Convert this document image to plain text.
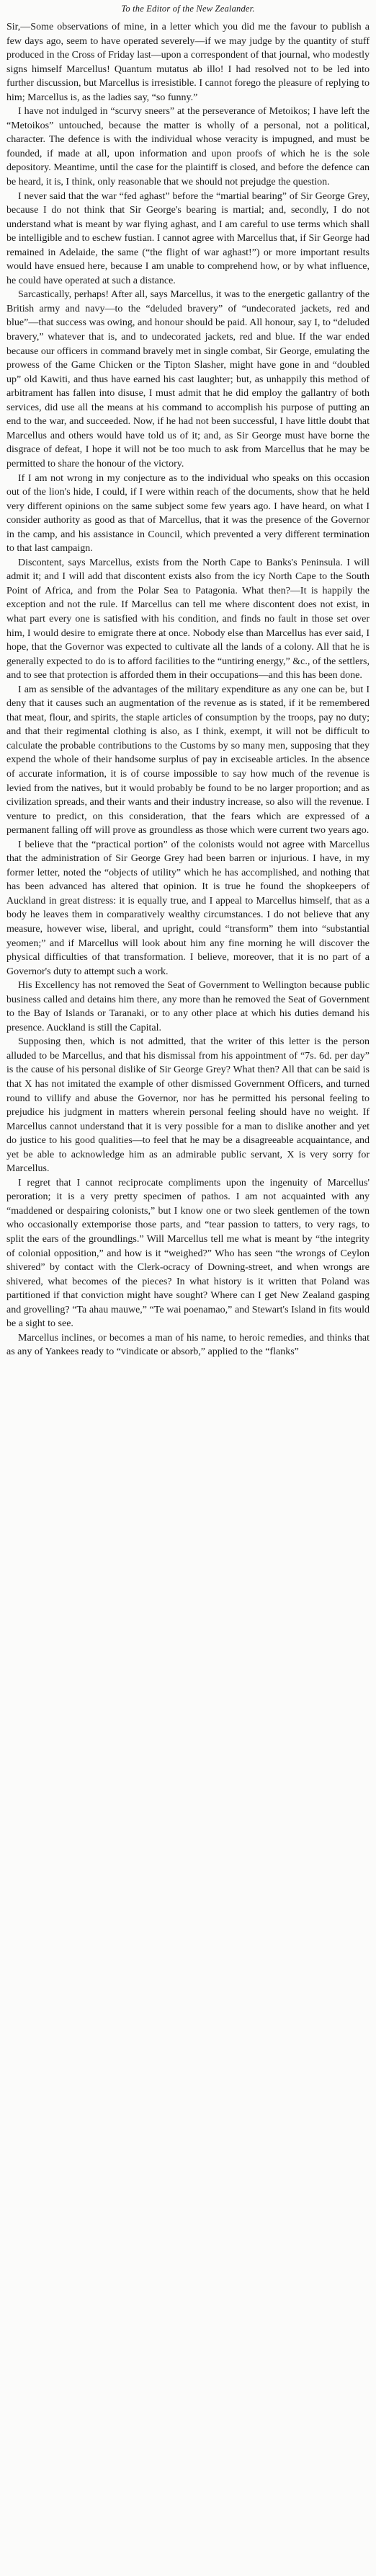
To the Editor of the New Zealander.

Sir,—Some observations of mine, in a letter which you did me the favour to publish a few days ago, seem to have operated severely—if we may judge by the quantity of stuff produced in the Cross of Friday last—upon a correspondent of that journal, who modestly signs himself Marcellus! Quantum mutatus ab illo! I had resolved not to be led into further discussion, but Marcellus is irresistible. I cannot forego the pleasure of replying to him; Marcellus is, as the ladies say, “so funny.”

I have not indulged in “scurvy sneers” at the perseverance of Metoikos; I have left the “Metoikos” untouched, because the matter is wholly of a personal, not a political, character. The defence is with the individual whose veracity is impugned, and must be founded, if made at all, upon information and upon proofs of which he is the sole depository. Meantime, until the case for the plaintiff is closed, and before the defence can be heard, it is, I think, only reasonable that we should not prejudge the question.

I never said that the war “fed aghast” before the “martial bearing” of Sir George Grey, because I do not think that Sir George's bearing is martial; and, secondly, I do not understand what is meant by war flying aghast, and I am careful to use terms which shall be intelligible and to eschew fustian. I cannot agree with Marcellus that, if Sir George had remained in Adelaide, the same (“the flight of war aghast!”) or more important results would have ensued here, because I am unable to comprehend how, or by what influence, he could have operated at such a distance.

Sarcastically, perhaps! After all, says Marcellus, it was to the energetic gallantry of the British army and navy—to the “deluded bravery” of “undecorated jackets, red and blue”—that success was owing, and honour should be paid. All honour, say I, to “deluded bravery,” whatever that is, and to undecorated jackets, red and blue. If the war ended because our officers in command bravely met in single combat, Sir George, emulating the prowess of the Game Chicken or the Tipton Slasher, might have gone in and “doubled up” old Kawiti, and thus have earned his cast laughter; but, as unhappily this method of arbitrament has fallen into disuse, I must admit that he did employ the gallantry of both services, did use all the means at his command to accomplish his purpose of putting an end to the war, and succeeded. Now, if he had not been successful, I have little doubt that Marcellus and others would have told us of it; and, as Sir George must have borne the disgrace of defeat, I hope it will not be too much to ask from Marcellus that he may be permitted to share the honour of the victory.

If I am not wrong in my conjecture as to the individual who speaks on this occasion out of the lion's hide, I could, if I were within reach of the documents, show that he held very different opinions on the same subject some few years ago. I have heard, on what I consider authority as good as that of Marcellus, that it was the presence of the Governor in the camp, and his assistance in Council, which prevented a very different termination to that last campaign.

Discontent, says Marcellus, exists from the North Cape to Banks's Peninsula. I will admit it; and I will add that discontent exists also from the icy North Cape to the South Point of Africa, and from the Polar Sea to Patagonia. What then?—It is happily the exception and not the rule. If Marcellus can tell me where discontent does not exist, in what part every one is satisfied with his condition, and finds no fault in those set over him, I would desire to emigrate there at once. Nobody else than Marcellus has ever said, I hope, that the Governor was expected to cultivate all the lands of a colony. All that he is generally expected to do is to afford facilities to the “untiring energy,” &c., of the settlers, and to see that protection is afforded them in their occupations—and this has been done.

I am as sensible of the advantages of the military expenditure as any one can be, but I deny that it causes such an augmentation of the revenue as is stated, if it be remembered that meat, flour, and spirits, the staple articles of consumption by the troops, pay no duty; and that their regimental clothing is also, as I think, exempt, it will not be difficult to calculate the probable contributions to the Customs by so many men, supposing that they expend the whole of their handsome surplus of pay in exciseable articles. In the absence of accurate information, it is of course impossible to say how much of the revenue is levied from the natives, but it would probably be found to be no larger proportion; and as civilization spreads, and their wants and their industry increase, so also will the revenue. I venture to predict, on this consideration, that the fears which are expressed of a permanent falling off will prove as groundless as those which were current two years ago.

I believe that the “practical portion” of the colonists would not agree with Marcellus that the administration of Sir George Grey had been barren or injurious. I have, in my former letter, noted the “objects of utility” which he has accomplished, and nothing that has been advanced has altered that opinion. It is true he found the shopkeepers of Auckland in great distress: it is equally true, and I appeal to Marcellus himself, that as a body he leaves them in comparatively wealthy circumstances. I do not believe that any measure, however wise, liberal, and upright, could “transform” them into “substantial yeomen;” and if Marcellus will look about him any fine morning he will discover the physical difficulties of that transformation. I believe, moreover, that it is no part of a Governor's duty to attempt such a work.

His Excellency has not removed the Seat of Government to Wellington because public business called and detains him there, any more than he removed the Seat of Government to the Bay of Islands or Taranaki, or to any other place at which his duties demand his presence. Auckland is still the Capital.

Supposing then, which is not admitted, that the writer of this letter is the person alluded to be Marcellus, and that his dismissal from his appointment of “7s. 6d. per day” is the cause of his personal dislike of Sir George Grey? What then? All that can be said is that X has not imitated the example of other dismissed Government Officers, and turned round to villify and abuse the Governor, nor has he permitted his personal feeling to prejudice his judgment in matters wherein personal feeling should have no weight. If Marcellus cannot understand that it is very possible for a man to dislike another and yet do justice to his good qualities—to feel that he may be a disagreeable acquaintance, and yet be able to acknowledge him as an admirable public servant, X is very sorry for Marcellus.

I regret that I cannot reciprocate compliments upon the ingenuity of Marcellus' peroration; it is a very pretty specimen of pathos. I am not acquainted with any “maddened or despairing colonists,” but I know one or two sleek gentlemen of the town who occasionally extemporise those parts, and “tear passion to tatters, to very rags, to split the ears of the groundlings.” Will Marcellus tell me what is meant by “the integrity of colonial opposition,” and how is it “weighed?” Who has seen “the wrongs of Ceylon shivered” by contact with the Clerk-ocracy of Downing-street, and when wrongs are shivered, what becomes of the pieces? In what history is it written that Poland was partitioned if that conviction might have sought? Where can I get New Zealand gasping and grovelling? “Ta ahau mauwe,” “Te wai poenamao,” and Stewart's Island in fits would be a sight to see.

Marcellus inclines, or becomes a man of his name, to heroic remedies, and thinks that as any of Yankees ready to “vindicate or absorb,” applied to the “flanks”
